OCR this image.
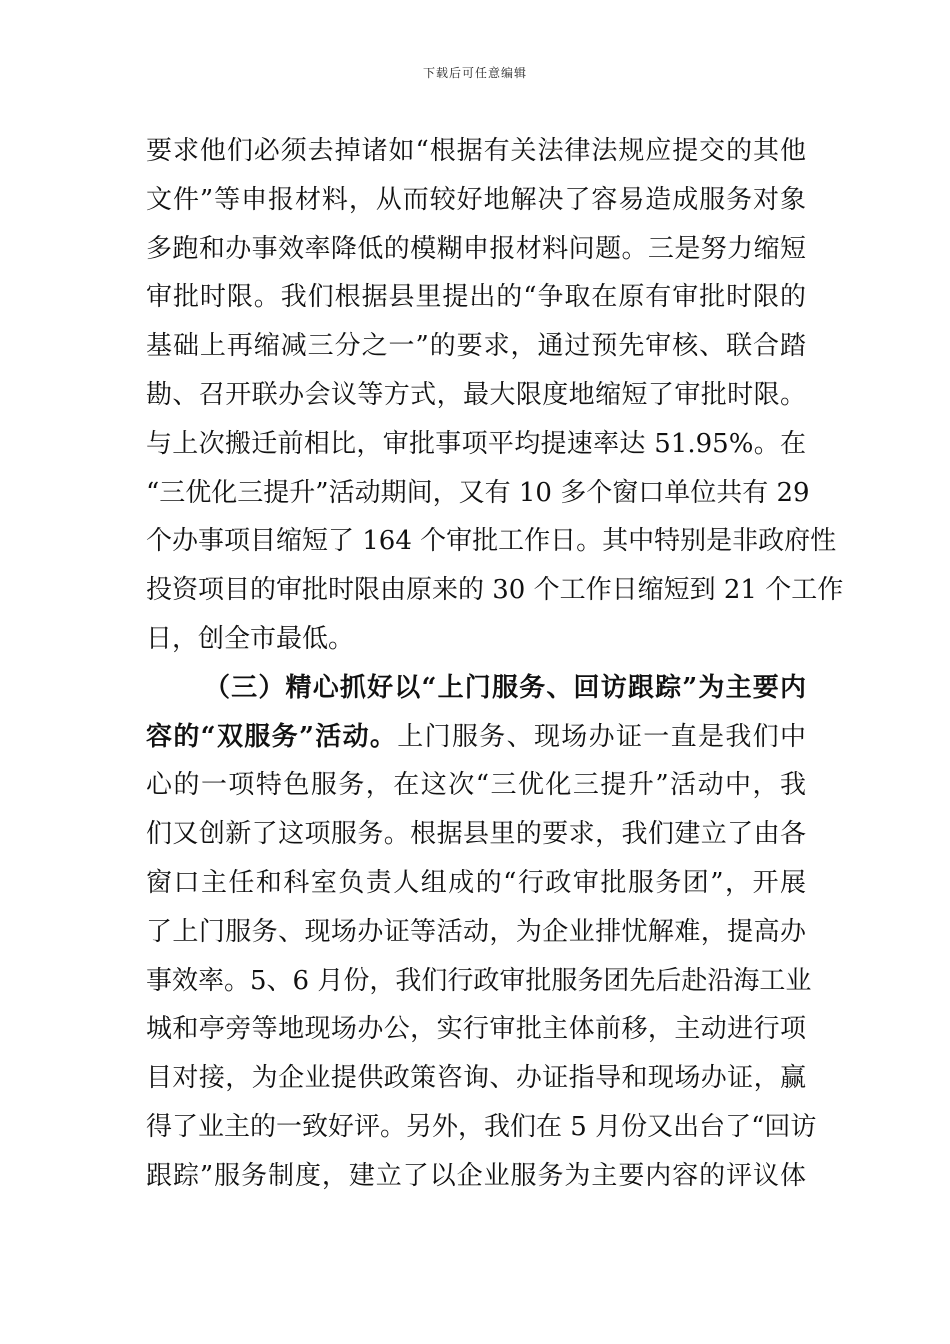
下载后可任意编辑
要求他们必须去掉诸如“根据有关法律法规应提交的其他
文件”等申报材料，从而较好地解决了容易造成服务对象
多跑和办事效率降低的模糊申报材料问题。三是努力缩短
审批时限。我们根据县里提出的“争取在原有审批时限的
基础上再缩减三分之一”的要求，通过预先审核、联合踏
勘、召开联办会议等方式，最大限度地缩短了审批时限。
与上次搬迁前相比，审批事项平均提速率达 51.95%。在
“三优化三提升”活动期间，又有 10 多个窗口单位共有 29
个办事项目缩短了 164 个审批工作日。其中特别是非政府性
投资项目的审批时限由原来的 30 个工作日缩短到 21 个工作
日，创全市最低。
（三）精心抓好以“上门服务、回访跟踪”为主要内
容的“双服务”活动。上门服务、现场办证一直是我们中
心的一项特色服务，在这次“三优化三提升”活动中，我
们又创新了这项服务。根据县里的要求，我们建立了由各
窗口主任和科室负责人组成的“行政审批服务团”，开展
了上门服务、现场办证等活动，为企业排忧解难，提高办
事效率。5、6 月份，我们行政审批服务团先后赴沿海工业
城和亭旁等地现场办公，实行审批主体前移，主动进行项
目对接，为企业提供政策咨询、办证指导和现场办证，赢
得了业主的一致好评。另外，我们在 5 月份又出台了“回访
跟踪”服务制度，建立了以企业服务为主要内容的评议体
